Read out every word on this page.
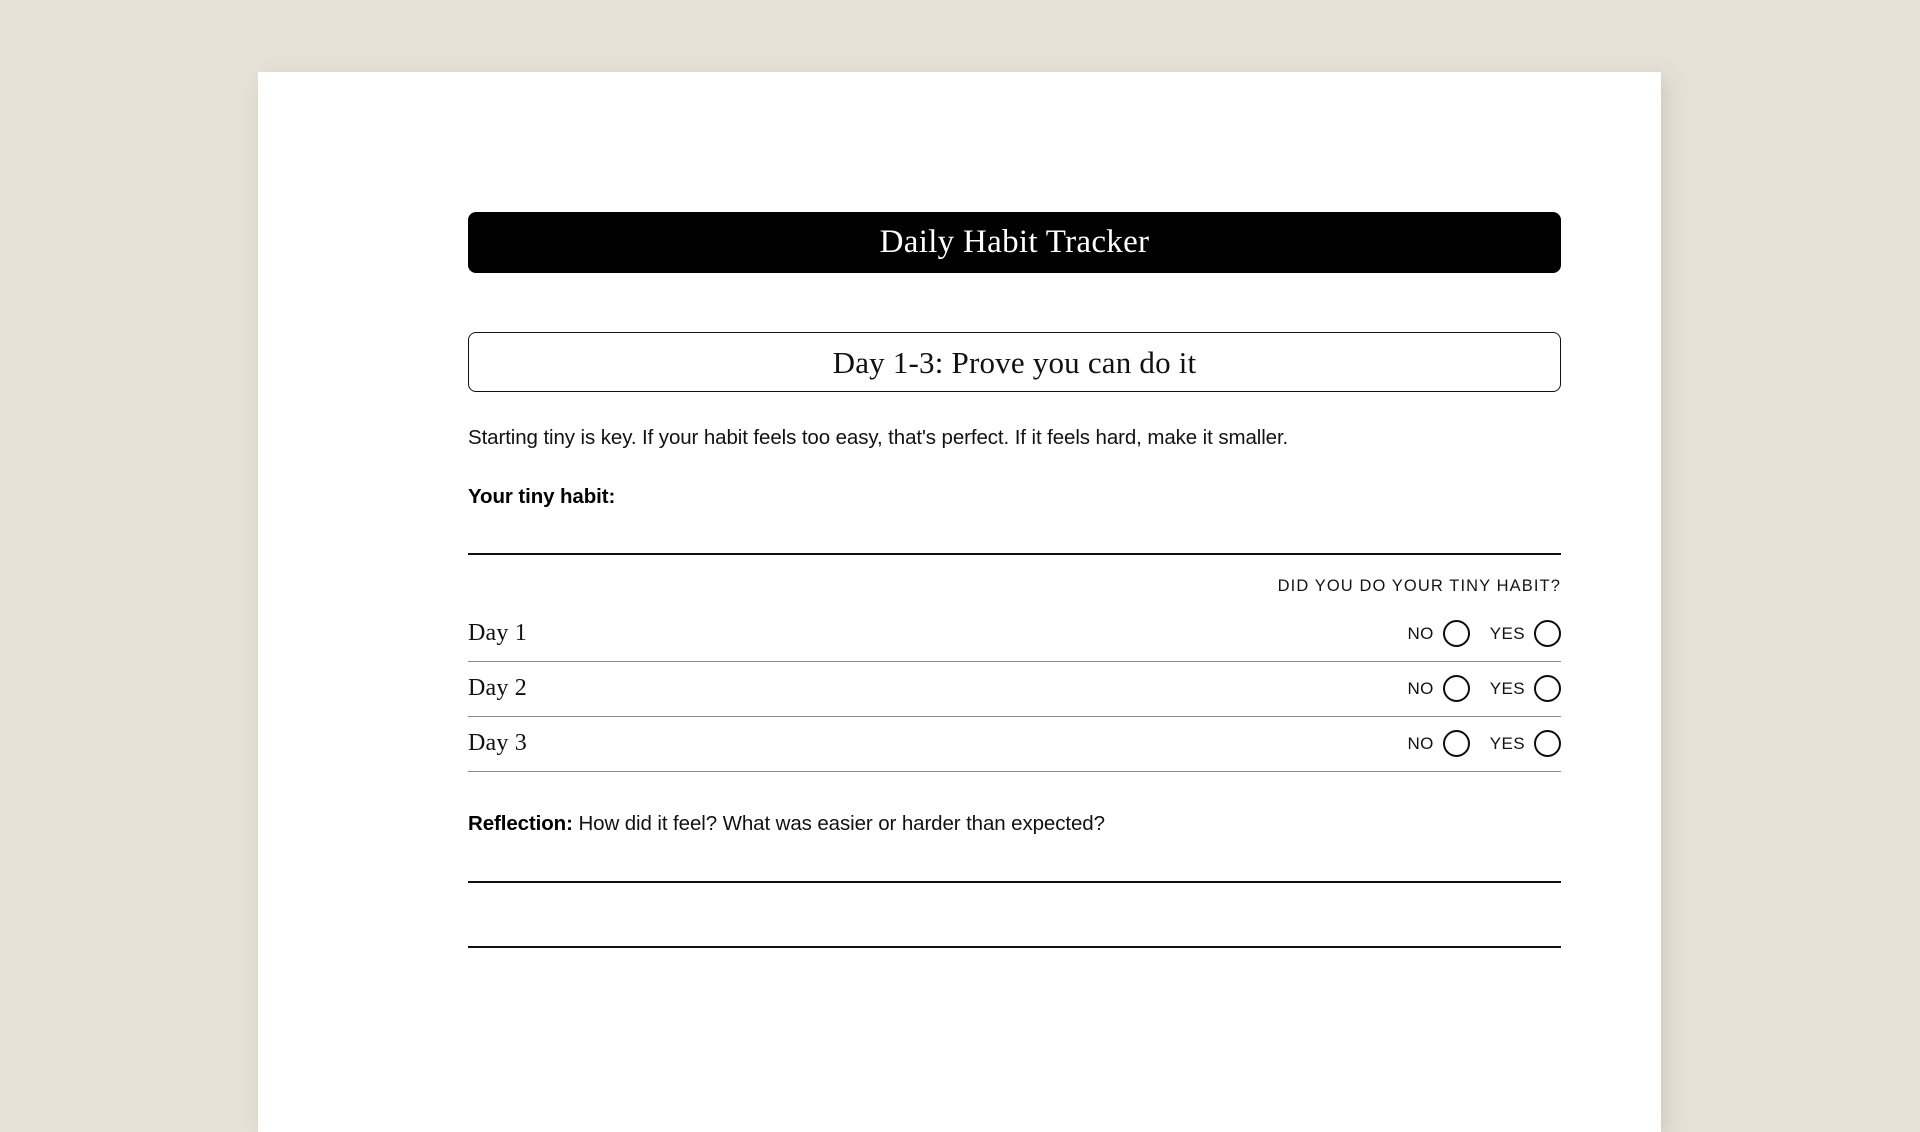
Daily Habit Tracker
Day 1-3: Prove you can do it

Starting tiny is key. If your habit feels too easy, that's perfect. If it feels hard, make it smaller.

Your tiny habit:
DID YOU DO YOUR TINY HABIT?
Day 1	NO	YES
Day 2	NO	YES
Day 3	NO	YES

Reflection: How did it feel? What was easier or harder than expected?
